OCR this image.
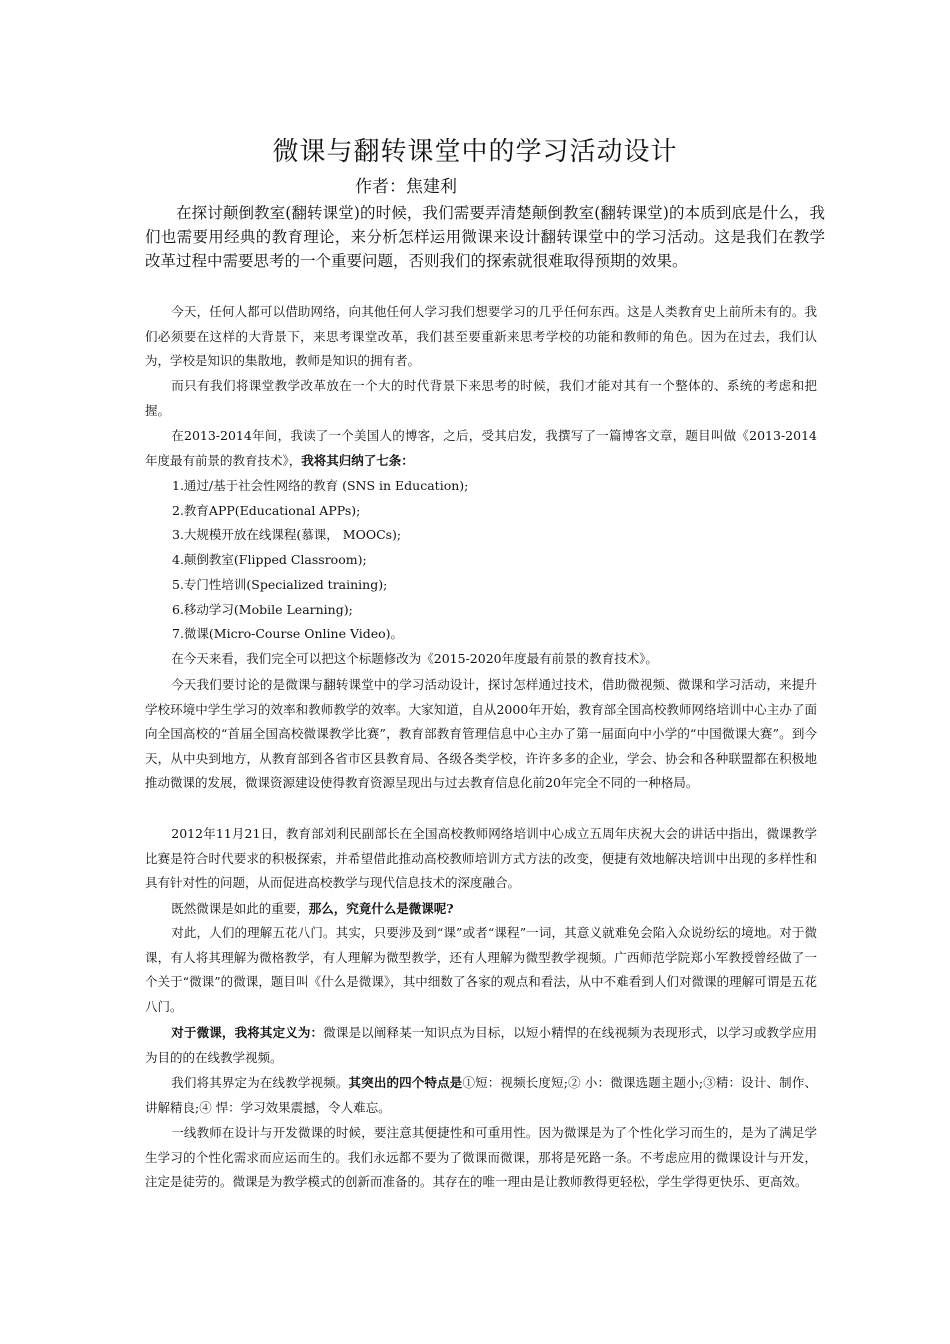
微课与翻转课堂中的学习活动设计

作者：焦建利

在探讨颠倒教室(翻转课堂)的时候，我们需要弄清楚颠倒教室(翻转课堂)的本质到底是什么，我们也需要用经典的教育理论，来分析怎样运用微课来设计翻转课堂中的学习活动。这是我们在教学改革过程中需要思考的一个重要问题，否则我们的探索就很难取得预期的效果。

今天，任何人都可以借助网络，向其他任何人学习我们想要学习的几乎任何东西。这是人类教育史上前所未有的。我们必须要在这样的大背景下，来思考课堂改革，我们甚至要重新来思考学校的功能和教师的角色。因为在过去，我们认为，学校是知识的集散地，教师是知识的拥有者。

而只有我们将课堂教学改革放在一个大的时代背景下来思考的时候，我们才能对其有一个整体的、系统的考虑和把握。

在2013-2014年间，我读了一个美国人的博客，之后，受其启发，我撰写了一篇博客文章，题目叫做《2013-2014年度最有前景的教育技术》，我将其归纳了七条：

1.通过/基于社会性网络的教育 (SNS in Education);
2.教育APP(Educational APPs);
3.大规模开放在线课程(慕课， MOOCs);
4.颠倒教室(Flipped Classroom);
5.专门性培训(Specialized training);
6.移动学习(Mobile Learning);
7.微课(Micro-Course Online Video)。

在今天来看，我们完全可以把这个标题修改为《2015-2020年度最有前景的教育技术》。

今天我们要讨论的是微课与翻转课堂中的学习活动设计，探讨怎样通过技术，借助微视频、微课和学习活动，来提升学校环境中学生学习的效率和教师教学的效率。大家知道，自从2000年开始，教育部全国高校教师网络培训中心主办了面向全国高校的“首届全国高校微课教学比赛”，教育部教育管理信息中心主办了第一届面向中小学的“中国微课大赛”。到今天，从中央到地方，从教育部到各省市区县教育局、各级各类学校，许许多多的企业，学会、协会和各种联盟都在积极地推动微课的发展，微课资源建设使得教育资源呈现出与过去教育信息化前20年完全不同的一种格局。

2012年11月21日，教育部刘利民副部长在全国高校教师网络培训中心成立五周年庆祝大会的讲话中指出，微课教学比赛是符合时代要求的积极探索，并希望借此推动高校教师培训方式方法的改变，便捷有效地解决培训中出现的多样性和具有针对性的问题，从而促进高校教学与现代信息技术的深度融合。

既然微课是如此的重要，那么，究竟什么是微课呢?

对此，人们的理解五花八门。其实，只要涉及到“课”或者“课程”一词，其意义就难免会陷入众说纷纭的境地。对于微课，有人将其理解为微格教学，有人理解为微型教学，还有人理解为微型教学视频。广西师范学院郑小军教授曾经做了一个关于“微课”的微课，题目叫《什么是微课》，其中细数了各家的观点和看法，从中不难看到人们对微课的理解可谓是五花八门。

对于微课，我将其定义为：微课是以阐释某一知识点为目标，以短小精悍的在线视频为表现形式，以学习或教学应用为目的的在线教学视频。

我们将其界定为在线教学视频。其突出的四个特点是①短：视频长度短;② 小：微课选题主题小;③精：设计、制作、讲解精良;④ 悍：学习效果震撼，令人难忘。

一线教师在设计与开发微课的时候，要注意其便捷性和可重用性。因为微课是为了个性化学习而生的，是为了满足学生学习的个性化需求而应运而生的。我们永远都不要为了微课而微课，那将是死路一条。不考虑应用的微课设计与开发，注定是徒劳的。微课是为教学模式的创新而准备的。其存在的唯一理由是让教师教得更轻松，学生学得更快乐、更高效。
